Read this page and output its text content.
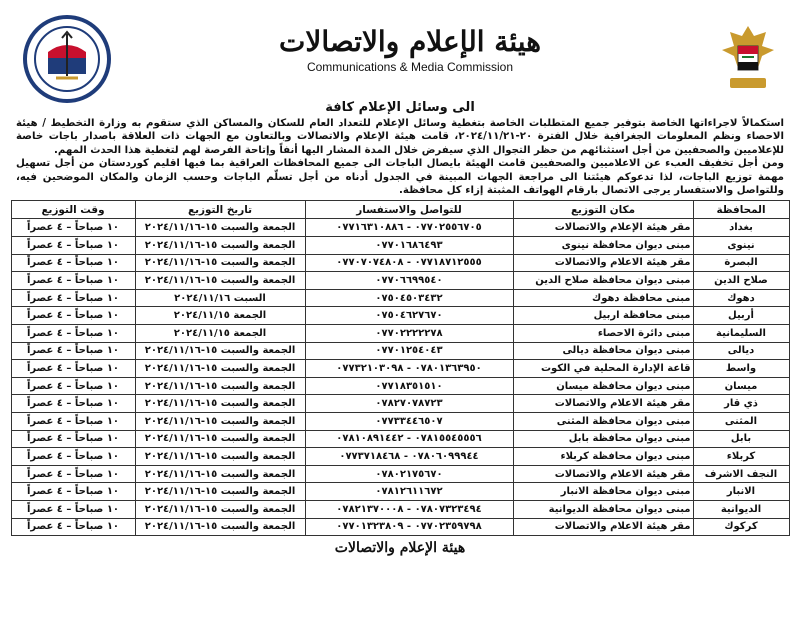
هيئة الإعلام والاتصالات
Communications & Media Commission
الى وسائل الإعلام كافة
استكمالاً لاجراءاتها الخاصة بتوفير جميع المتطلبات الخاصة بتغطية وسائل الإعلام للتعداد العام للسكان والمساكن الذي ستقوم به وزارة التخطيط / هيئة الاحصاء ونظم المعلومات الجغرافية خلال الفترة ٢٠-٢٠٢٤/١١/٢١، قامت هيئة الإعلام والاتصالات وبالتعاون مع الجهات ذات العلاقة باصدار باجات خاصة للإعلاميين والصحفيين من أجل استثنائهم من حظر التجوال الذي سيفرض خلال المدة المشار اليها أنفاً وإتاحة الفرصة لهم لتغطية هذا الحدث المهم.
ومن أجل تخفيف العبء عن الاعلاميين والصحفيين قامت الهيئة بايصال الباجات الى جميع المحافظات العراقية بما فيها اقليم كوردستان من أجل تسهيل مهمة توزيع الباجات، لذا تدعوكم هيئتنا الى مراجعة الجهات المبينة في الجدول أدناه من أجل تسلّم الباجات وحسب الزمان والمكان الموضحين فيه، وللتواصل والاستفسار يرجى الاتصال بارقام الهواتف المثبتة إزاء كل محافظة.
المحافظة	مكان التوزيع	للتواصل والاستفسار	تاريخ التوزيع	وقت التوزيع
بغداد	مقر هيئة الإعلام والاتصالات	٠٧٧٠٢٥٥٦٧٠٥ - ٠٧٧١٦٣١٠٨٨٦	الجمعة والسبت ١٥-٢٠٢٤/١١/١٦	١٠ صباحاً – ٤ عصراً
نينوى	مبنى ديوان محافظة نينوى	٠٧٧٠١٦٨٦٤٩٣	الجمعة والسبت ١٥-٢٠٢٤/١١/١٦	١٠ صباحاً – ٤ عصراً
البصرة	مقر هيئة الاعلام والاتصالات	٠٧٧١٨٧١٢٥٥٥ - ٠٧٧٠٧٠٧٤٨٠٨	الجمعة والسبت ١٥-٢٠٢٤/١١/١٦	١٠ صباحاً – ٤ عصراً
صلاح الدين	مبنى ديوان محافظة صلاح الدين	٠٧٧٠٦٦٩٩٥٤٠	الجمعة والسبت ١٥-٢٠٢٤/١١/١٦	١٠ صباحاً – ٤ عصراً
دهوك	مبنى محافظة دهوك	٠٧٥٠٤٥٠٣٤٣٢	السبت ٢٠٢٤/١١/١٦	١٠ صباحاً – ٤ عصراً
أربيل	مبنى محافظة اربيل	٠٧٥٠٤٦٢٧٦٧٠	الجمعة ٢٠٢٤/١١/١٥	١٠ صباحاً – ٤ عصراً
السليمانية	مبنى دائرة الاحصاء	٠٧٧٠٢٢٢٢٢٧٨	الجمعة ٢٠٢٤/١١/١٥	١٠ صباحاً – ٤ عصراً
ديالى	مبنى ديوان محافظة ديالى	٠٧٧٠١٢٥٤٠٤٣	الجمعة والسبت ١٥-٢٠٢٤/١١/١٦	١٠ صباحاً – ٤ عصراً
واسط	قاعة الإدارة المحلية في الكوت	٠٧٨٠١٣٦٣٩٥٠ - ٠٧٧٣٢١٠٣٠٩٨	الجمعة والسبت ١٥-٢٠٢٤/١١/١٦	١٠ صباحاً – ٤ عصراً
ميسان	مبنى ديوان محافظة ميسان	٠٧٧١٨٣٥١٥١٠	الجمعة والسبت ١٥-٢٠٢٤/١١/١٦	١٠ صباحاً – ٤ عصراً
ذي قار	مقر هيئة الاعلام والاتصالات	٠٧٨٢٧٠٧٨٧٢٣	الجمعة والسبت ١٥-٢٠٢٤/١١/١٦	١٠ صباحاً – ٤ عصراً
المثنى	مبنى ديوان محافظة المثنى	٠٧٧٣٣٤٤٦٥٠٧	الجمعة والسبت ١٥-٢٠٢٤/١١/١٦	١٠ صباحاً – ٤ عصراً
بابل	مبنى ديوان محافظة بابل	٠٧٨١٥٥٤٥٥٥٦ - ٠٧٨١٠٨٩١٤٤٢	الجمعة والسبت ١٥-٢٠٢٤/١١/١٦	١٠ صباحاً – ٤ عصراً
كربلاء	مبنى ديوان محافظة كربلاء	٠٧٨٠٦٠٩٩٩٤٤ - ٠٧٧٣٧١٨٤٦٨	الجمعة والسبت ١٥-٢٠٢٤/١١/١٦	١٠ صباحاً – ٤ عصراً
النجف الاشرف	مقر هيئة الاعلام والاتصالات	٠٧٨٠٢١٧٥٦٧٠	الجمعة والسبت ١٥-٢٠٢٤/١١/١٦	١٠ صباحاً – ٤ عصراً
الانبار	مبنى ديوان محافظة الانبار	٠٧٨١٢٦١١٦٧٢	الجمعة والسبت ١٥-٢٠٢٤/١١/١٦	١٠ صباحاً – ٤ عصراً
الديوانية	مبنى ديوان محافظة الديوانية	٠٧٨٠٧٣٢٣٤٩٤ - ٠٧٨٢١٣٧٠٠٠٨	الجمعة والسبت ١٥-٢٠٢٤/١١/١٦	١٠ صباحاً – ٤ عصراً
كركوك	مقر هيئة الاعلام والاتصالات	٠٧٧٠٢٣٥٩٧٩٨ - ٠٧٧٠١٣٢٣٨٠٩	الجمعة والسبت ١٥-٢٠٢٤/١١/١٦	١٠ صباحاً – ٤ عصراً
هيئة الإعلام والاتصالات
